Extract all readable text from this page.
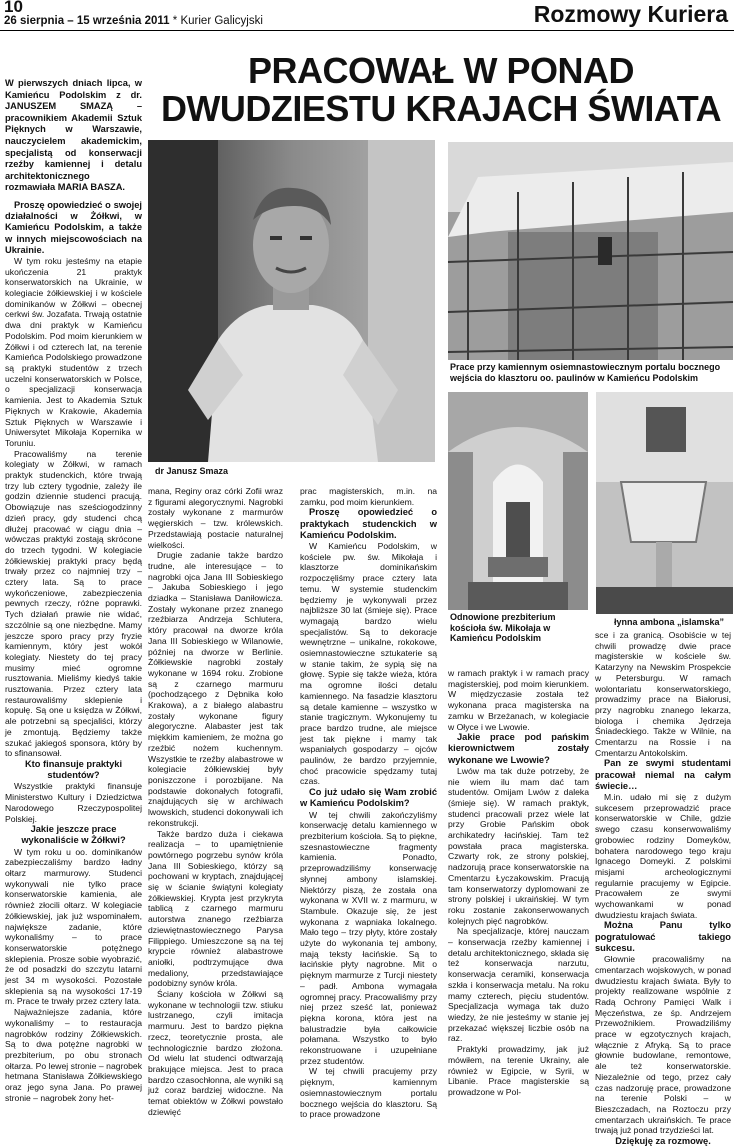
10
26 sierpnia – 15 września 2011 * Kurier Galicyjski	Rozmowy Kuriera
PRACOWAŁ W PONAD
DWUDZIESTU KRAJACH ŚWIATA

W pierwszych dniach lipca, w Kamieńcu Podolskim z dr. JANUSZEM SMAZĄ – pracownikiem Akademii Sztuk Pięknych w Warszawie, nauczycielem akademickim, specjalistą od konserwacji rzeźby kamiennej i detalu architektonicznego rozmawiała MARIA BASZA.

Proszę opowiedzieć o swojej działalności w Żółkwi, w Kamieńcu Podolskim, a także w innych miejscowościach na Ukrainie.

W tym roku jesteśmy na etapie ukończenia 21 praktyk konserwatorskich na Ukrainie, w kolegiacie żółkiewskiej i w kościele dominikanów w Żółkwi – obecnej cerkwi św. Jozafata. Trwają ostatnie dwa dni praktyk w Kamieńcu Podolskim. Pod moim kierunkiem w Żółkwi i od czterech lat, na terenie Kamieńca Podolskiego prowadzone są praktyki studentów z trzech uczelni konserwatorskich w Polsce, o specjalizacji konserwacja kamienia. Jest to Akademia Sztuk Pięknych w Krakowie, Akademia Sztuk Pięknych w Warszawie i Uniwersytet Mikołaja Kopernika w Toruniu.

Pracowaliśmy na terenie kolegiaty w Żółkwi, w ramach praktyk studenckich, które trwają trzy lub cztery tygodnie, zależy ile godzin dziennie studenci pracują. Obowiązuje nas sześciogodzinny dzień pracy, gdy studenci chcą dłużej pracować w ciągu dnia – wówczas praktyki zostają skrócone do trzech tygodni. W kolegiacie żółkiewskiej praktyki pracy będą trwały przez co najmniej trzy – cztery lata. Są to prace wykończeniowe, zabezpieczenia pewnych rzeczy, różne poprawki. Tych działań prawie nie widać, szczólnie są one niezbędne. Mamy jeszcze sporo pracy przy fryzie kamiennym, który jest wokół kolegiaty. Niestety do tej pracy musimy mieć ogromne rusztowania. Mieliśmy kiedyś takie rusztowania. Przez cztery lata restaurowaliśmy sklepienie i kopułę. Są one u księdza w Żółkwi, ale potrzebni są specjaliści, którzy je zmontują. Będziemy także szukać jakiegoś sponsora, który by to sfinansował.

Kto finansuje praktyki studentów?

Wszystkie praktyki finansuje Ministerstwo Kultury i Dziedzictwa Narodowego Rzeczypospolitej Polskiej.

Jakie jeszcze prace wykonaliście w Żółkwi?

W tym roku u oo. dominikanów zabezpieczaliśmy bardzo ładny ołtarz marmurowy. Studenci wykonywali nie tylko prace konserwatorskie kamienia, ale również złocili ołtarz. W kolegiacie żółkiewskiej, jak już wspominałem, największe zadanie, które wykonaliśmy – to prace konserwatorskie potężnego sklepienia. Prosze sobie wyobrazić, że od posadzki do szczytu latarni jest 34 m wysokości. Pozostałe sklepienia są na wysokości 17-19 m. Prace te trwały przez cztery lata.

Najważniejsze zadania, które wykonaliśmy – to restauracja nagrobków rodziny Żółkiewskich. Są to dwa potężne nagrobki w prezbiterium, po obu stronach ołtarza. Po lewej stronie – nagrobek hetmana Stanisława Żółkiewskiego oraz jego syna Jana. Po prawej stronie – nagrobek żony het-

dr Janusz Smaza
Prace przy kamiennym osiemnastowiecznym portalu bocznego wejścia do klasztoru oo. paulinów w Kamieńcu Podolskim
Odnowione prezbiterium kościoła św. Mikołaja w Kamieńcu Podolskim
łynna ambona „islamska”

mana, Reginy oraz córki Zofii wraz z figurami alegorycznymi. Nagrobki zostały wykonane z marmurów węgierskich – tzw. królewskich. Przedstawiają postacie naturalnej wielkości.

Drugie zadanie także bardzo trudne, ale interesujące – to nagrobki ojca Jana III Sobieskiego – Jakuba Sobieskiego i jego dziadka – Stanisława Daniłowicza. Zostały wykonane przez znanego rzeźbiarza Andrzeja Schlutera, który pracował na dworze króla Jana III Sobieskiego w Wilanowie, później na dworze w Berlinie. Żółkiewskie nagrobki zostały wykonane w 1694 roku. Zrobione są z czarnego marmuru (pochodzącego z Dębnika koło Krakowa), a z białego alabastru zostały wykonane figury alegoryczne. Alabaster jest tak miękkim kamieniem, że można go rzeźbić nożem kuchennym. Wszystkie te rzeźby alabastrowe w kolegiacie żółkiewskiej były poniszczone i porozbijane. Na podstawie dokonałych fotografii, znajdujących się w archiwach lwowskich, studenci dokonywali ich rekonstrukcji.

Także bardzo duża i ciekawa realizacja – to upamiętnienie powtórnego pogrzebu synów króla Jana III Sobieskiego, którzy są pochowani w kryptach, znajdującej się w ścianie świątyni kolegiaty żółkiewskiej. Krypta jest przykryta tablicą z czarnego marmuru autorstwa znanego rzeźbiarza dziewiętnastowiecznego Parysa Filippiego. Umieszczone są na tej krypcie również alabastrowe aniołki, podtrzymujące dwa medaliony, przedstawiające podobizny synów króla.

Ściany kościoła w Żółkwi są wykonane w technologii tzw. stiuku lustrzanego, czyli imitacja marmuru. Jest to bardzo piękna rzecz, teoretycznie prosta, ale technologicznie bardzo złożona. Od wielu lat studenci odtwarzają brakujące miejsca. Jest to praca bardzo czasochłonna, ale wyniki są już coraz bardziej widoczne. Na temat obiektów w Żółkwi powstało dziewięć

prac magisterskich, m.in. na zamku, pod moim kierunkiem.

Proszę opowiedzieć o praktykach studenckich w Kamieńcu Podolskim.

W Kamieńcu Podolskim, w kościele pw. św. Mikołaja i klasztorze dominikańskim rozpoczęliśmy prace cztery lata temu. W systemie studenckim będziemy je wykonywali przez najbliższe 30 lat (śmieje się). Prace wymagają bardzo wielu specjalistów. Są to dekoracje wewnętrzne – unikalne, rokokowe, osiemnastowieczne sztukaterie są w stanie takim, że sypią się na głowę. Sypie się także wieża, która ma ogromne ilości detalu kamiennego. Na fasadzie klasztoru są detale kamienne – wszystko w stanie tragicznym. Wykonujemy tu prace bardzo trudne, ale miejsce jest tak piękne i mamy tak wspaniałych gospodarzy – ojców paulinów, że bardzo przyjemnie, choć pracowicie spędzamy tutaj czas.

Co już udało się Wam zrobić w Kamieńcu Podolskim?

W tej chwili zakończyliśmy konserwację detalu kamiennego w prezbiterium kościoła. Są to piękne, szesnastowieczne fragmenty kamienia. Ponadto, przeprowadziliśmy konserwację słynnej ambony islamskiej. Niektórzy piszą, że została ona wykonana w XVII w. z marmuru, w Stambule. Okazuje się, że jest wykonana z wapniaka lokalnego. Mało tego – trzy płyty, które zostały użyte do wykonania tej ambony, mają teksty łacińskie. Są to łacińskie płyty nagrobne. Mit o pięknym marmurze z Turcji niestety – padł. Ambona wymagała ogromnej pracy. Pracowaliśmy przy niej przez sześć lat, ponieważ piękna korona, która jest na balustradzie była całkowicie połamana. Wszystko to było rekonstruowane i uzupełniane przez studentów.

W tej chwili pracujemy przy pięknym, kamiennym osiemnastowiecznym portalu bocznego wejścia do klasztoru. Są to prace prowadzone

w ramach praktyk i w ramach pracy magisterskiej, pod moim kierunkiem. W międzyczasie została też wykonana praca magisterska na zamku w Brzeżanach, w kolegiacie w Ołyce i we Lwowie.

Jakie prace pod pańskim kierownictwem zostały wykonane we Lwowie?

Lwów ma tak duże potrzeby, że nie wiem ilu mam dać tam studentów. Omijam Lwów z daleka (śmieje się). W ramach praktyk, studenci pracowali przez wiele lat przy Grobie Pańskim obok archikatedry łacińskiej. Tam też powstała praca magisterska. Czwarty rok, ze strony polskiej, nadzorują prace konserwatorskie na Cmentarzu Łyczakowskim. Pracują tam konserwatorzy dyplomowani ze strony polskiej i ukraińskiej. W tym roku zostanie zakonserwowanych kolejnych pięć nagrobków.

Na specjalizacje, której nauczam – konserwacja rzeźby kamiennej i detalu architektonicznego, składa się też konserwacja narzutu, konserwacja ceramiki, konserwacja szkła i konserwacja metalu. Na roku mamy czterech, pięciu studentów. Specjalizacja wymaga tak dużo wiedzy, że nie jesteśmy w stanie jej przekazać większej liczbie osób na raz.

Praktyki prowadzimy, jak już mówiłem, na terenie Ukrainy, ale również w Egipcie, w Syrii, w Libanie. Prace magisterskie są prowadzone w Pol-

sce i za granicą. Osobiście w tej chwili prowadzę dwie prace magisterskie w kościele św. Katarzyny na Newskim Prospekcie w Petersburgu. W ramach wolontariatu konserwatorskiego, prowadzimy prace na Białorusi, przy nagrobku znanego lekarza, biologa i chemika Jędrzeja Śniadeckiego. Także w Wilnie, na Cmentarzu na Rossie i na Cmentarzu Antokolskim.

Pan ze swymi studentami pracował niemal na całym świecie…

M.in. udało mi się z dużym sukcesem przeprowadzić prace konserwatorskie w Chile, gdzie swego czasu konserwowaliśmy grobowiec rodziny Domeyków, bohatera narodowego tego kraju Ignacego Domeyki. Z polskimi misjami archeologicznymi regularnie pracujemy w Egipcie. Pracowałem ze swymi wychowankami w ponad dwudziestu krajach świata.

Można Panu tylko pogratulować takiego sukcesu.

Głownie pracowaliśmy na cmentarzach wojskowych, w ponad dwudziestu krajach świata. Były to projekty realizowane wspólnie z Radą Ochrony Pamięci Walk i Męczeństwa, ze śp. Andrzejem Przewoźnikiem. Prowadziliśmy prace w egzotycznych krajach, włącznie z Afryką. Są to prace głownie budowlane, remontowe, ale też konserwatorskie. Niezależnie od tego, przez cały czas nadzoruję prace, prowadzone na terenie Polski – w Bieszczadach, na Roztoczu przy cmentarzach ukraińskich. Te prace trwają już ponad trzydzieści lat.

Dziękuję za rozmowę.
